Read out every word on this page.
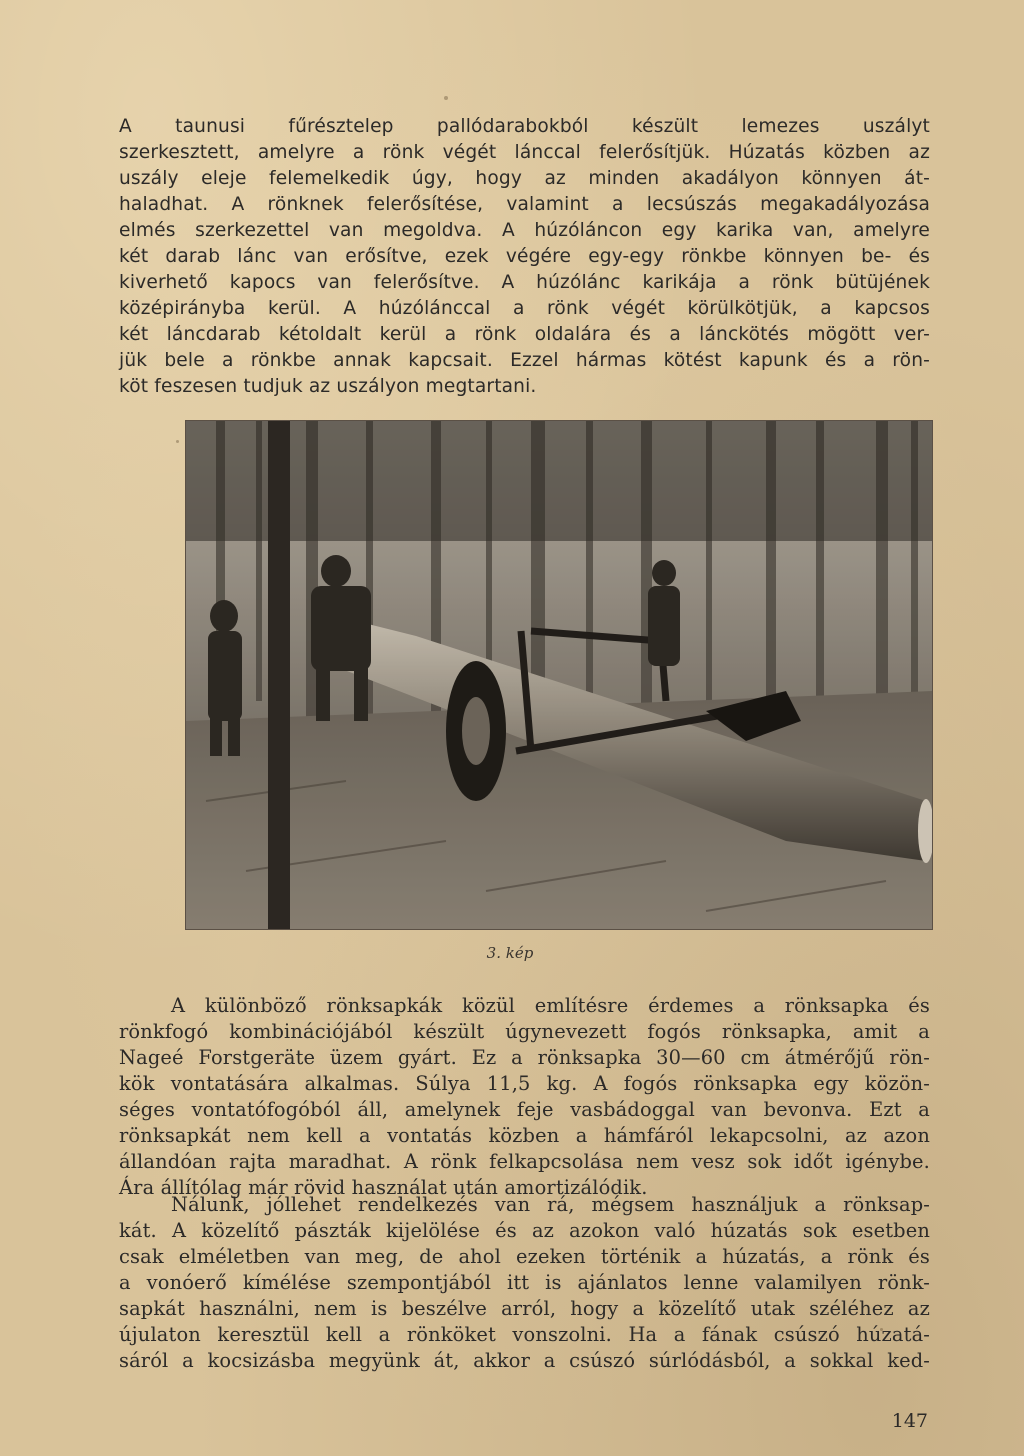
A taunusi fűrésztelep pallódarabokból készült lemezes uszályt
szerkesztett, amelyre a rönk végét lánccal felerősítjük. Húzatás közben az
uszály eleje felemelkedik úgy, hogy az minden akadályon könnyen át-
haladhat. A rönknek felerősítése, valamint a lecsúszás megakadályozása
elmés szerkezettel van megoldva. A húzóláncon egy karika van, amelyre
két darab lánc van erősítve, ezek végére egy-egy rönkbe könnyen be- és
kiverhető kapocs van felerősítve. A húzólánc karikája a rönk bütüjének
középirányba kerül. A húzólánccal a rönk végét körülkötjük, a kapcsos
két láncdarab kétoldalt kerül a rönk oldalára és a lánckötés mögött ver-
jük bele a rönkbe annak kapcsait. Ezzel hármas kötést kapunk és a rön-
köt feszesen tudjuk az uszályon megtartani.
3. kép
A különböző rönksapkák közül említésre érdemes a rönksapka és
rönkfogó kombinációjából készült úgynevezett fogós rönksapka, amit a
Nageé Forstgeräte üzem gyárt. Ez a rönksapka 30—60 cm átmérőjű rön-
kök vontatására alkalmas. Súlya 11,5 kg. A fogós rönksapka egy közön-
séges vontatófogóból áll, amelynek feje vasbádoggal van bevonva. Ezt a
rönksapkát nem kell a vontatás közben a hámfáról lekapcsolni, az azon
állandóan rajta maradhat. A rönk felkapcsolása nem vesz sok időt igénybe.
Ára állítólag már rövid használat után amortizálódik.
Nálunk, jóllehet rendelkezés van rá, mégsem használjuk a rönksap-
kát. A közelítő pászták kijelölése és az azokon való húzatás sok esetben
csak elméletben van meg, de ahol ezeken történik a húzatás, a rönk és
a vonóerő kímélése szempontjából itt is ajánlatos lenne valamilyen rönk-
sapkát használni, nem is beszélve arról, hogy a közelítő utak széléhez az
újulaton keresztül kell a rönköket vonszolni. Ha a fának csúszó húzatá-
sáról a kocsizásba megyünk át, akkor a csúszó súrlódásból, a sokkal ked-
147
